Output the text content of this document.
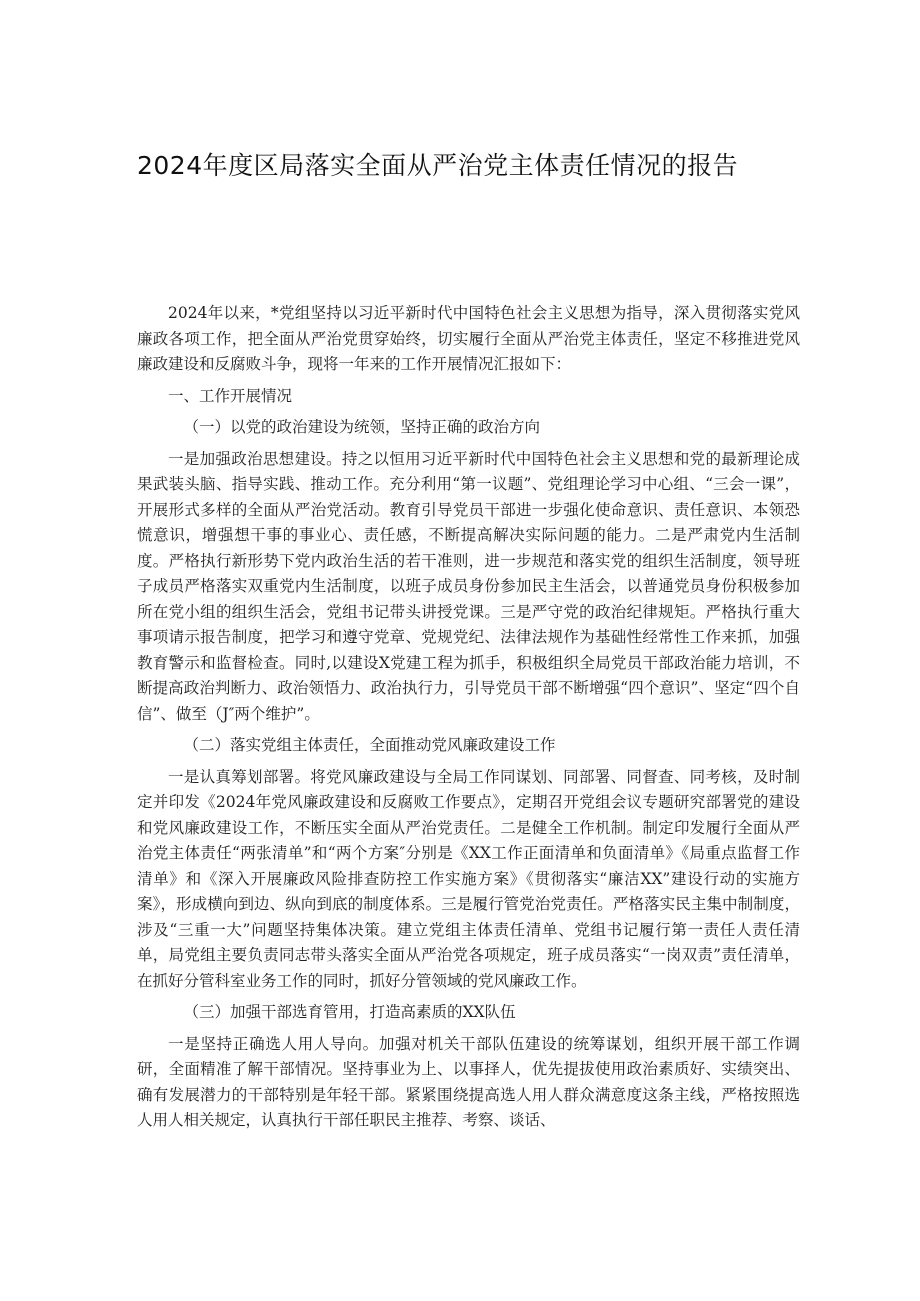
2024年度区局落实全面从严治党主体责任情况的报告

2024年以来，*党组坚持以习近平新时代中国特色社会主义思想为指导，深入贯彻落实党风廉政各项工作，把全面从严治党贯穿始终，切实履行全面从严治党主体责任，坚定不移推进党风廉政建设和反腐败斗争，现将一年来的工作开展情况汇报如下：

一、工作开展情况

（一）以党的政治建设为统领，坚持正确的政治方向

一是加强政治思想建设。持之以恒用习近平新时代中国特色社会主义思想和党的最新理论成果武装头脑、指导实践、推动工作。充分利用“第一议题”、党组理论学习中心组、“三会一课”，开展形式多样的全面从严治党活动。教育引导党员干部进一步强化使命意识、责任意识、本领恐慌意识，增强想干事的事业心、责任感，不断提高解决实际问题的能力。二是严肃党内生活制度。严格执行新形势下党内政治生活的若干准则，进一步规范和落实党的组织生活制度，领导班子成员严格落实双重党内生活制度，以班子成员身份参加民主生活会，以普通党员身份积极参加所在党小组的组织生活会，党组书记带头讲授党课。三是严守党的政治纪律规矩。严格执行重大事项请示报告制度，把学习和遵守党章、党规党纪、法律法规作为基础性经常性工作来抓，加强教育警示和监督检查。同时,以建设X党建工程为抓手，积极组织全局党员干部政治能力培训，不断提高政治判断力、政治领悟力、政治执行力，引导党员干部不断增强“四个意识”、坚定“四个自信”、做至（J″两个维护”。

（二）落实党组主体责任，全面推动党风廉政建设工作

一是认真筹划部署。将党风廉政建设与全局工作同谋划、同部署、同督查、同考核，及时制定并印发《2024年党风廉政建设和反腐败工作要点》，定期召开党组会议专题研究部署党的建设和党风廉政建设工作，不断压实全面从严治党责任。二是健全工作机制。制定印发履行全面从严治党主体责任“两张清单”和“两个方案″分别是《XX工作正面清单和负面清单》《局重点监督工作清单》和《深入开展廉政风险排查防控工作实施方案》《贯彻落实“廉洁XX”建设行动的实施方案》，形成横向到边、纵向到底的制度体系。三是履行管党治党责任。严格落实民主集中制制度，涉及“三重一大”问题坚持集体决策。建立党组主体责任清单、党组书记履行第一责任人责任清单，局党组主要负责同志带头落实全面从严治党各项规定，班子成员落实“一岗双责”责任清单，在抓好分管科室业务工作的同时，抓好分管领域的党风廉政工作。

（三）加强干部选育管用，打造高素质的XX队伍

一是坚持正确选人用人导向。加强对机关干部队伍建设的统筹谋划，组织开展干部工作调研，全面精准了解干部情况。坚持事业为上、以事择人，优先提拔使用政治素质好、实绩突出、确有发展潜力的干部特别是年轻干部。紧紧围绕提高选人用人群众满意度这条主线，严格按照选人用人相关规定，认真执行干部任职民主推荐、考察、谈话、
